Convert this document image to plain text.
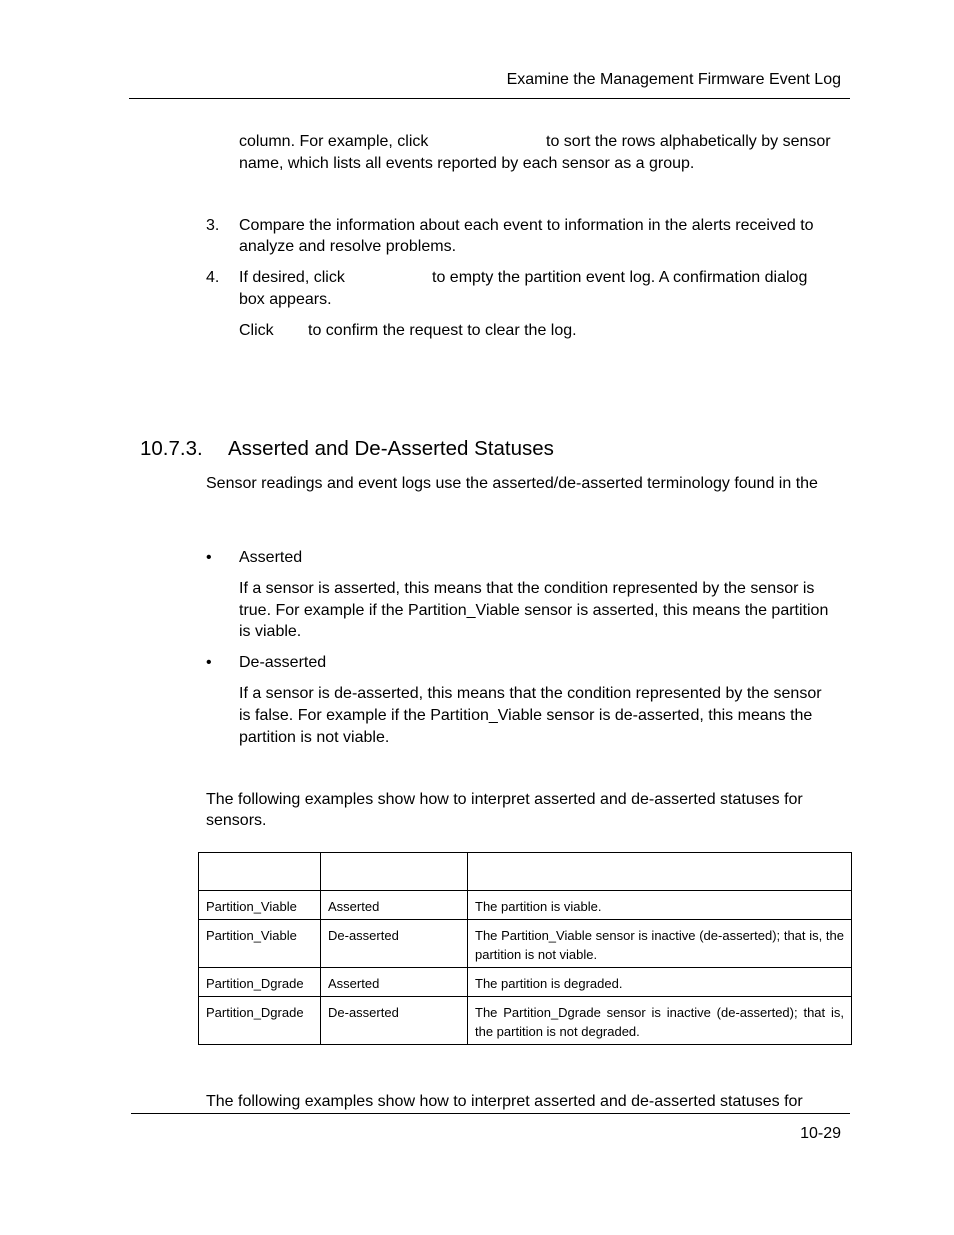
Examine the Management Firmware Event Log
column. For example, click	to sort the rows alphabetically by sensor
name, which lists all events reported by each sensor as a group.
3. Compare the information about each event to information in the alerts received to
analyze and resolve problems.
4. If desired, click	to empty the partition event log. A confirmation dialog
box appears.
Click to confirm the request to clear the log.
10.7.3. Asserted and De-Asserted Statuses
Sensor readings and event logs use the asserted/de-asserted terminology found in the
• Asserted
If a sensor is asserted, this means that the condition represented by the sensor is
true. For example if the Partition_Viable sensor is asserted, this means the partition
is viable.
• De-asserted
If a sensor is de-asserted, this means that the condition represented by the sensor
is false. For example if the Partition_Viable sensor is de-asserted, this means the
partition is not viable.
The following examples show how to interpret asserted and de-asserted statuses for
sensors.

Partition_Viable	Asserted	The partition is viable.
Partition_Viable	De-asserted	The Partition_Viable sensor is inactive (de-asserted); that is, the partition is not viable.
Partition_Dgrade	Asserted	The partition is degraded.
Partition_Dgrade	De-asserted	The Partition_Dgrade sensor is inactive (de-asserted); that is, the partition is not degraded.
The following examples show how to interpret asserted and de-asserted statuses for
10-29
